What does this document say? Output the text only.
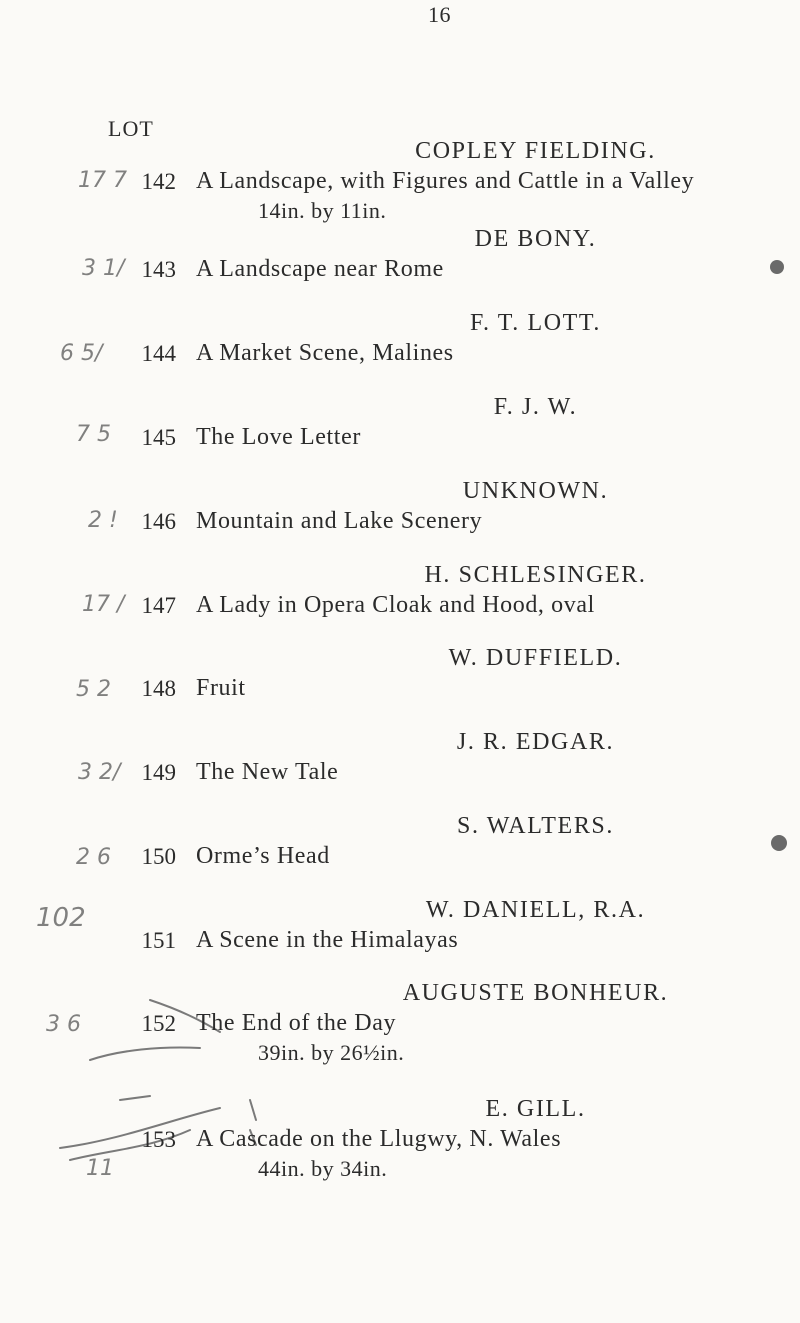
16
LOT
COPLEY FIELDING.
17 7 142 A Landscape, with Figures and Cattle in a Valley
14in. by 11in.
DE BONY.
3 1/ 143 A Landscape near Rome
F. T. LOTT.
6 5/	144 A Market Scene, Malines
F. J. W.
7 5	145 The Love Letter
UNKNOWN.
2 !	146 Mountain and Lake Scenery
H. SCHLESINGER.
17 / 147 A Lady in Opera Cloak and Hood, oval
W. DUFFIELD.
5 2	148 Fruit
J. R. EDGAR.
3 2/ 149 The New Tale
S. WALTERS.
2 6	150 Orme’s Head
W. DANIELL, R.A.
102
151 A Scene in the Himalayas
AUGUSTE BONHEUR.
3 6	152 The End of the Day
39in. by 26½in.
E. GILL.
11
153 A Cascade on the Llugwy, N. Wales
44in. by 34in.
